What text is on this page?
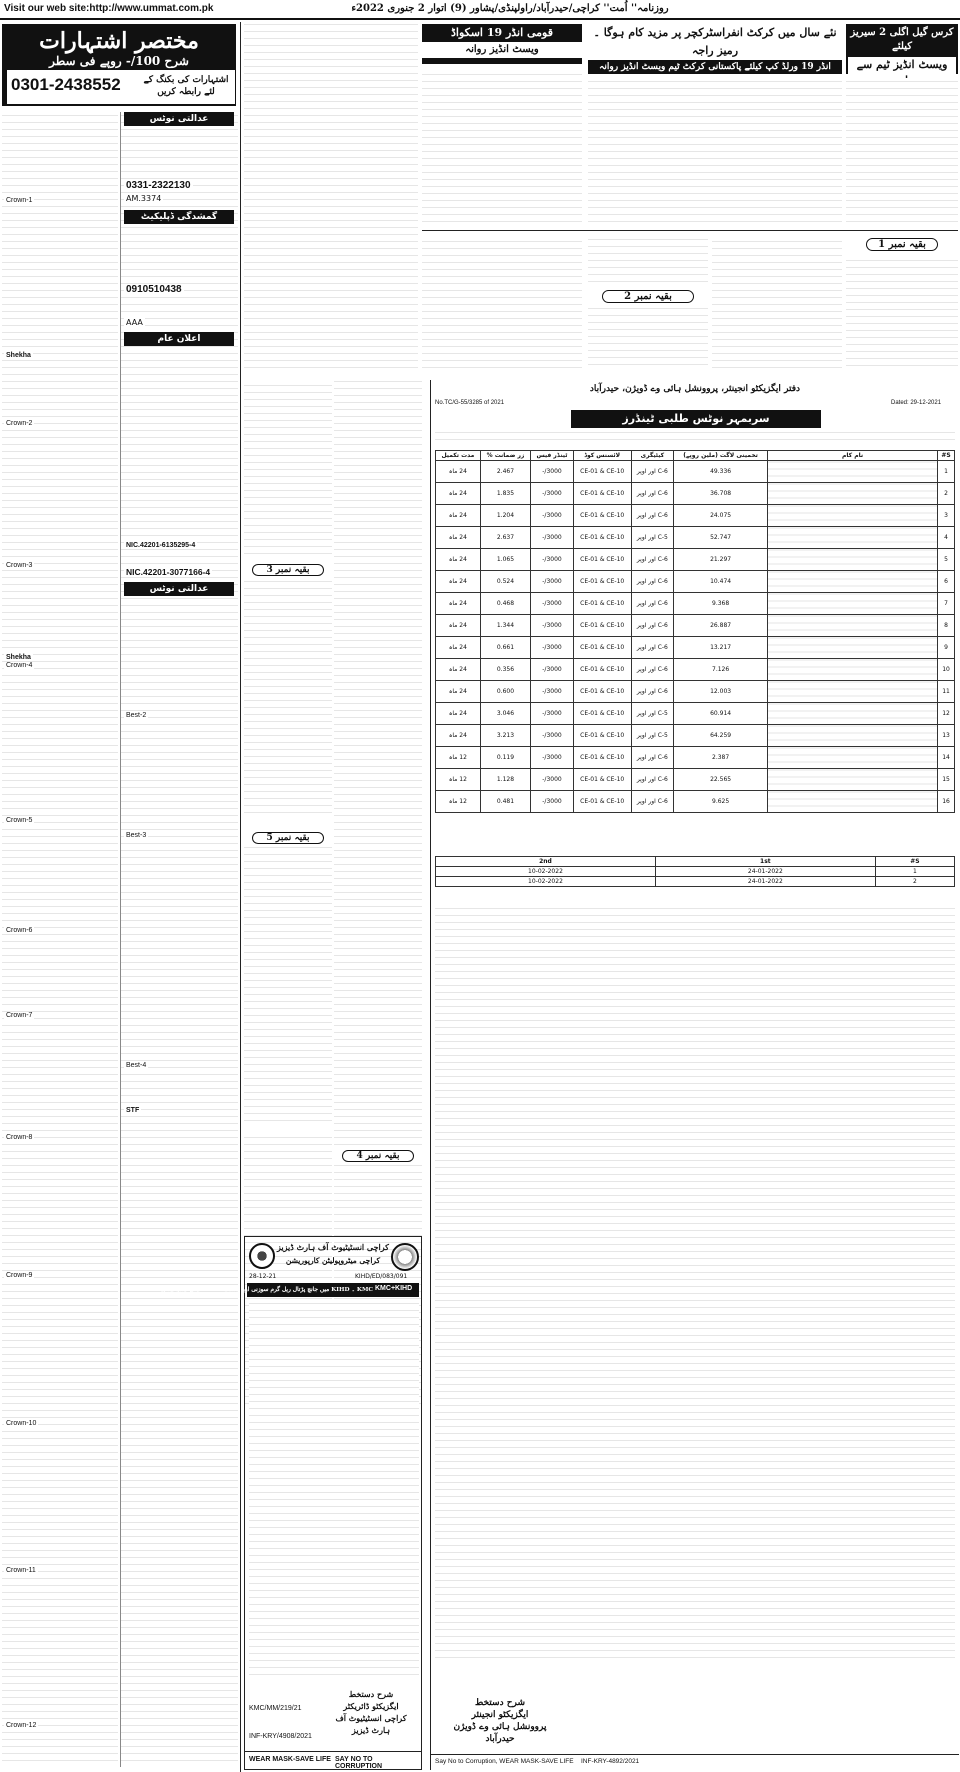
Visit our web site:http://www.ummat.com.pk	روزنامہ'' اُمت'' کراچی/حیدرآباد/راولپنڈی/پشاور (9) اتوار 2 جنوری 2022ء
مختصر اشتہارات
شرح 100/- روپے فی سطر
0301-2438552	اشتہارات کی بکنگ کے لئے رابطہ کریں
عدالتی نوٹس
گمشدگی ڈپلیکیٹ
اعلان عام
عدالتی نوٹس
0331-2322130
AM.3374
0910510438
AAA
NIC.42201-3077166-4
Crown-1
Crown-2
Crown-3
Crown-4
Crown-5
Crown-6
Crown-7
Crown-8
Crown-9
Crown-10
Crown-11
Crown-12
Best-2
Best-3
Best-4
Shekha
Shekha
STF
NIC.42201-6135295-4
کرس گیل اگلی 2 سیریز کیلئے
ویسٹ انڈیز ٹیم سے
نئے سال میں کرکٹ انفراسٹرکچر پر مزید کام ہوگا ۔ رمیز راجہ
انڈر 19 ورلڈ کپ کیلئے پاکستانی کرکٹ ٹیم ویسٹ انڈیز روانہ
قومی انڈر 19 اسکواڈ
ویسٹ انڈیز روانہ
بقیہ نمبر 1
بقیہ نمبر 2
بقیہ نمبر 3
بقیہ نمبر 5
بقیہ نمبر 4
کراچی انسٹیٹیوٹ آف ہارٹ ڈیزیز
کراچی میٹروپولیٹن کارپوریشن
KIHD/ED/083/091
28-12-21
KMC+KIHD
KMC ۔ KIHD میں جانچ پڑتال ریل گرم سوزنی اور واشنگ Linen کیلئے ٹینڈر نوٹس
شرح دستخط
ایگزیکٹو ڈائریکٹر
کراچی انسٹیٹیوٹ آف
ہارٹ ڈیزیز
KMC/MM/219/21
INF-KRY/4908/2021
SAY NO TO CORRUPTION
WEAR MASK-SAVE LIFE
دفتر ایگزیکٹو انجینئر، پروونشل ہائی وے ڈویژن، حیدرآباد
No.TC/G-55/3285 of 2021	Dated: 29-12-2021
سربمہر نوٹس طلبی ٹینڈرز
S#	نام کام	تخمینی لاگت (ملین روپے)	کیٹیگری	لائسنس کوڈ	ٹینڈر فیس	زر ضمانت %	مدت تکمیل
1		49.336	C-6 اور اوپر	CE-01 & CE-10	3000/-	2.467	24 ماہ
2		36.708	C-6 اور اوپر	CE-01 & CE-10	3000/-	1.835	24 ماہ
3		24.075	C-6 اور اوپر	CE-01 & CE-10	3000/-	1.204	24 ماہ
4		52.747	C-5 اور اوپر	CE-01 & CE-10	3000/-	2.637	24 ماہ
5		21.297	C-6 اور اوپر	CE-01 & CE-10	3000/-	1.065	24 ماہ
6		10.474	C-6 اور اوپر	CE-01 & CE-10	3000/-	0.524	24 ماہ
7		9.368	C-6 اور اوپر	CE-01 & CE-10	3000/-	0.468	24 ماہ
8		26.887	C-6 اور اوپر	CE-01 & CE-10	3000/-	1.344	24 ماہ
9		13.217	C-6 اور اوپر	CE-01 & CE-10	3000/-	0.661	24 ماہ
10		7.126	C-6 اور اوپر	CE-01 & CE-10	3000/-	0.356	24 ماہ
11		12.003	C-6 اور اوپر	CE-01 & CE-10	3000/-	0.600	24 ماہ
12		60.914	C-5 اور اوپر	CE-01 & CE-10	3000/-	3.046	24 ماہ
13		64.259	C-5 اور اوپر	CE-01 & CE-10	3000/-	3.213	24 ماہ
14		2.387	C-6 اور اوپر	CE-01 & CE-10	3000/-	0.119	12 ماہ
15		22.565	C-6 اور اوپر	CE-01 & CE-10	3000/-	1.128	12 ماہ
16		9.625	C-6 اور اوپر	CE-01 & CE-10	3000/-	0.481	12 ماہ
S#	1st	2nd
1	24-01-2022	10-02-2022
2	24-01-2022	10-02-2022
شرح دستخط
ایگزیکٹو انجینئر
پروونشل ہائی وے ڈویژن
حیدرآباد
Say No to Corruption, WEAR MASK-SAVE LIFE INF-KRY-4892/2021
